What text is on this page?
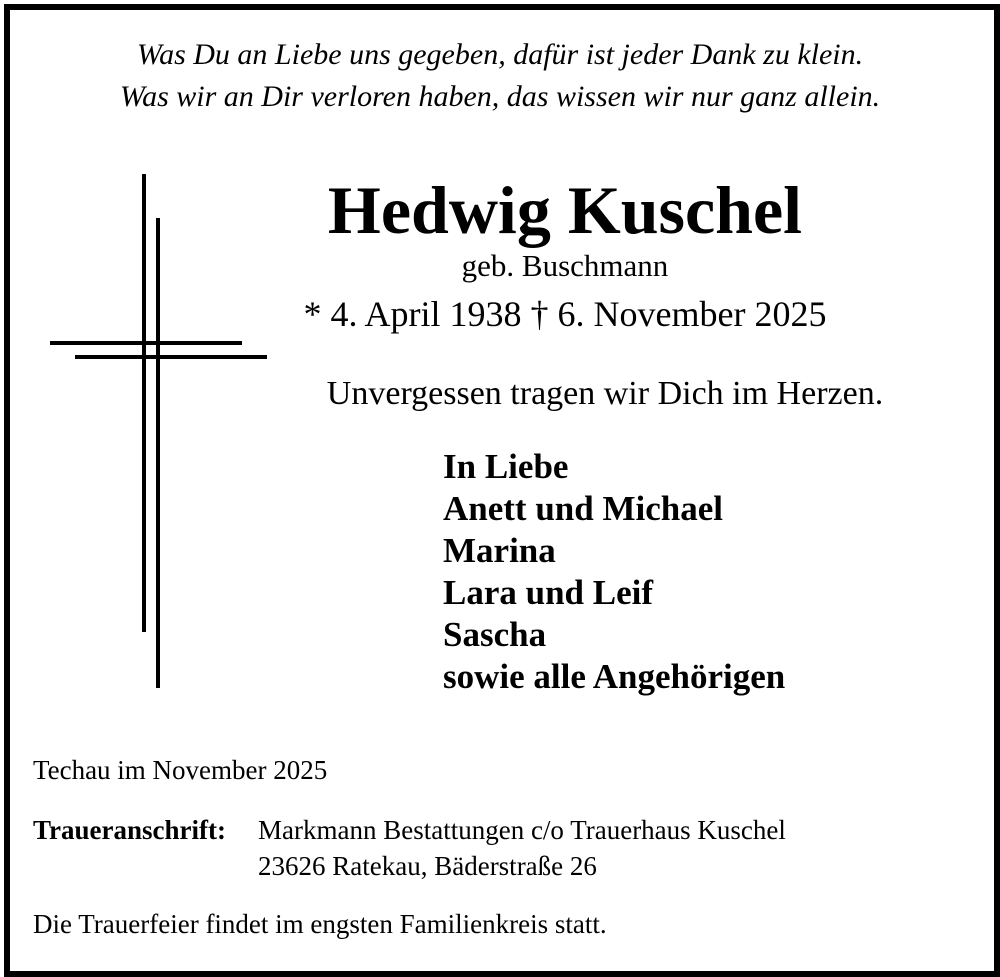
Was Du an Liebe uns gegeben, dafür ist jeder Dank zu klein.
Was wir an Dir verloren haben, das wissen wir nur ganz allein.
Hedwig Kuschel
geb. Buschmann
* 4. April 1938 † 6. November 2025
Unvergessen tragen wir Dich im Herzen.
In Liebe
Anett und Michael
Marina
Lara und Leif
Sascha
sowie alle Angehörigen
Techau im November 2025
Traueranschrift: Markmann Bestattungen c/o Trauerhaus Kuschel
23626 Ratekau, Bäderstraße 26
Die Trauerfeier findet im engsten Familienkreis statt.
